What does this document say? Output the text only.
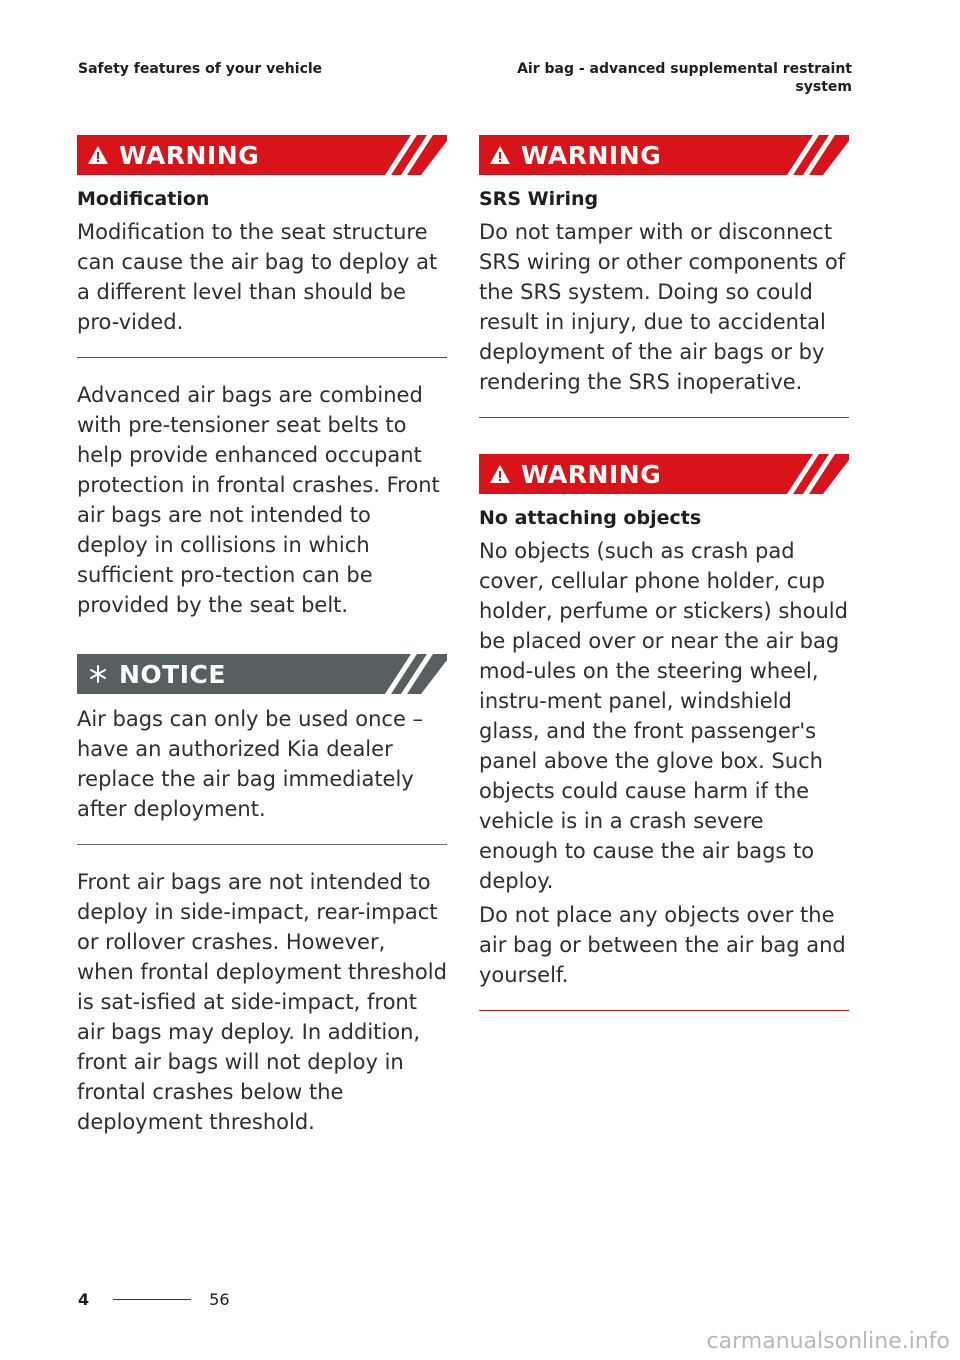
Safety features of your vehicle	Air bag - advanced supplemental restraint
system
WARNING
Modification

Modification to the seat structure can cause the air bag to deploy at a different level than should be pro-vided.

Advanced air bags are combined with pre-tensioner seat belts to help provide enhanced occupant protection in frontal crashes. Front air bags are not intended to deploy in collisions in which sufficient pro-tection can be provided by the seat belt.

NOTICE

Air bags can only be used once – have an authorized Kia dealer replace the air bag immediately after deployment.

Front air bags are not intended to deploy in side-impact, rear-impact or rollover crashes. However, when frontal deployment threshold is sat-isfied at side-impact, front air bags may deploy. In addition, front air bags will not deploy in frontal crashes below the deployment threshold.

WARNING
SRS Wiring

Do not tamper with or disconnect SRS wiring or other components of the SRS system. Doing so could result in injury, due to accidental deployment of the air bags or by rendering the SRS inoperative.

WARNING
No attaching objects

No objects (such as crash pad cover, cellular phone holder, cup holder, perfume or stickers) should be placed over or near the air bag mod-ules on the steering wheel, instru-ment panel, windshield glass, and the front passenger's panel above the glove box. Such objects could cause harm if the vehicle is in a crash severe enough to cause the air bags to deploy.

Do not place any objects over the air bag or between the air bag and yourself.

4	56
carmanualsonline.info
